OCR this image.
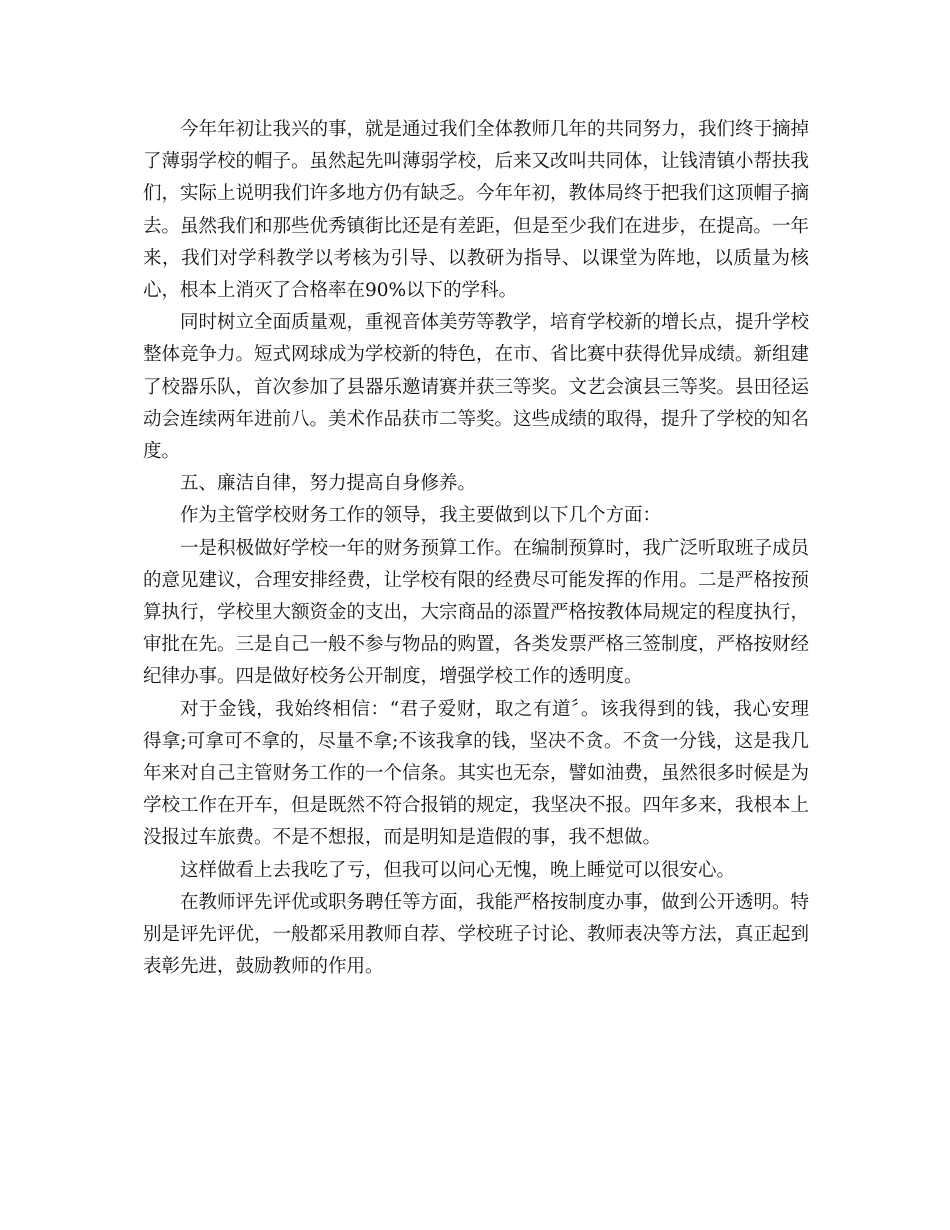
今年年初让我兴的事，就是通过我们全体教师几年的共同努力，我们终于摘掉了薄弱学校的帽子。虽然起先叫薄弱学校，后来又改叫共同体，让钱清镇小帮扶我们，实际上说明我们许多地方仍有缺乏。今年年初，教体局终于把我们这顶帽子摘去。虽然我们和那些优秀镇街比还是有差距，但是至少我们在进步，在提高。一年来，我们对学科教学以考核为引导、以教研为指导、以课堂为阵地，以质量为核心，根本上消灭了合格率在90%以下的学科。

同时树立全面质量观，重视音体美劳等教学，培育学校新的增长点，提升学校整体竞争力。短式网球成为学校新的特色，在市、省比赛中获得优异成绩。新组建了校器乐队，首次参加了县器乐邀请赛并获三等奖。文艺会演县三等奖。县田径运动会连续两年进前八。美术作品获市二等奖。这些成绩的取得，提升了学校的知名度。

五、廉洁自律，努力提高自身修养。

作为主管学校财务工作的领导，我主要做到以下几个方面：

一是积极做好学校一年的财务预算工作。在编制预算时，我广泛听取班子成员的意见建议，合理安排经费，让学校有限的经费尽可能发挥的作用。二是严格按预算执行，学校里大额资金的支出，大宗商品的添置严格按教体局规定的程度执行，审批在先。三是自己一般不参与物品的购置，各类发票严格三签制度，严格按财经纪律办事。四是做好校务公开制度，增强学校工作的透明度。

对于金钱，我始终相信：“君子爱财，取之有道〞。该我得到的钱，我心安理得拿;可拿可不拿的，尽量不拿;不该我拿的钱，坚决不贪。不贪一分钱，这是我几年来对自己主管财务工作的一个信条。其实也无奈，譬如油费，虽然很多时候是为学校工作在开车，但是既然不符合报销的规定，我坚决不报。四年多来，我根本上没报过车旅费。不是不想报，而是明知是造假的事，我不想做。

这样做看上去我吃了亏，但我可以问心无愧，晚上睡觉可以很安心。

在教师评先评优或职务聘任等方面，我能严格按制度办事，做到公开透明。特别是评先评优，一般都采用教师自荐、学校班子讨论、教师表决等方法，真正起到表彰先进，鼓励教师的作用。
